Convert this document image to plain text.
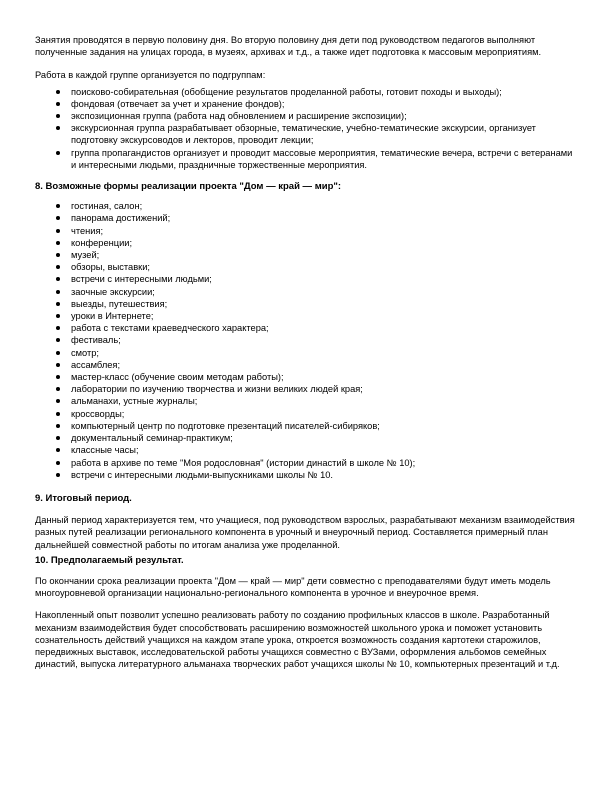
Занятия проводятся в первую половину дня. Во вторую половину дня дети под руководством педагогов выполняют полученные задания на улицах города, в музеях, архивах и т.д., а также идет подготовка к массовым мероприятиям.

Работа в каждой группе организуется по подгруппам:

поисково-собирательная (обобщение результатов проделанной работы, готовит походы и выходы);
фондовая (отвечает за учет и хранение фондов);
экспозиционная группа (работа над обновлением и расширение экспозиции);
экскурсионная группа разрабатывает обзорные, тематические, учебно-тематические экскурсии, организует подготовку экскурсоводов и лекторов, проводит лекции;
группа пропагандистов организует и проводит массовые мероприятия, тематические вечера, встречи с ветеранами и интересными людьми, праздничные торжественные мероприятия.

8. Возможные формы реализации проекта "Дом — край — мир":

гостиная, салон;
панорама достижений;
чтения;
конференции;
музей;
обзоры, выставки;
встречи с интересными людьми;
заочные экскурсии;
выезды, путешествия;
уроки в Интернете;
работа с текстами краеведческого характера;
фестиваль;
смотр;
ассамблея;
мастер-класс (обучение своим методам работы);
лаборатории по изучению творчества и жизни великих людей края;
альманахи, устные журналы;
кроссворды;
компьютерный центр по подготовке презентаций писателей-сибиряков;
документальный семинар-практикум;
классные часы;
работа в архиве по теме "Моя родословная" (истории династий в школе № 10);
встречи с интересными людьми-выпускниками школы № 10.

9. Итоговый период.

Данный период характеризуется тем, что учащиеся, под руководством взрослых, разрабатывают механизм взаимодействия разных путей реализации регионального компонента в урочный и внеурочный период. Составляется примерный план дальнейшей совместной работы по итогам анализа уже проделанной.

10. Предполагаемый результат.

По окончании срока реализации проекта "Дом — край — мир" дети совместно с преподавателями будут иметь модель многоуровневой организации национально-регионального компонента в урочное и внеурочное время.

Накопленный опыт позволит успешно реализовать работу по созданию профильных классов в школе. Разработанный механизм взаимодействия будет способствовать расширению возможностей школьного урока и поможет установить сознательность действий учащихся на каждом этапе урока, откроется возможность создания картотеки старожилов, передвижных выставок, исследовательской работы учащихся совместно с ВУЗами, оформления альбомов семейных династий, выпуска литературного альманаха творческих работ учащихся школы № 10, компьютерных презентаций и т.д.
